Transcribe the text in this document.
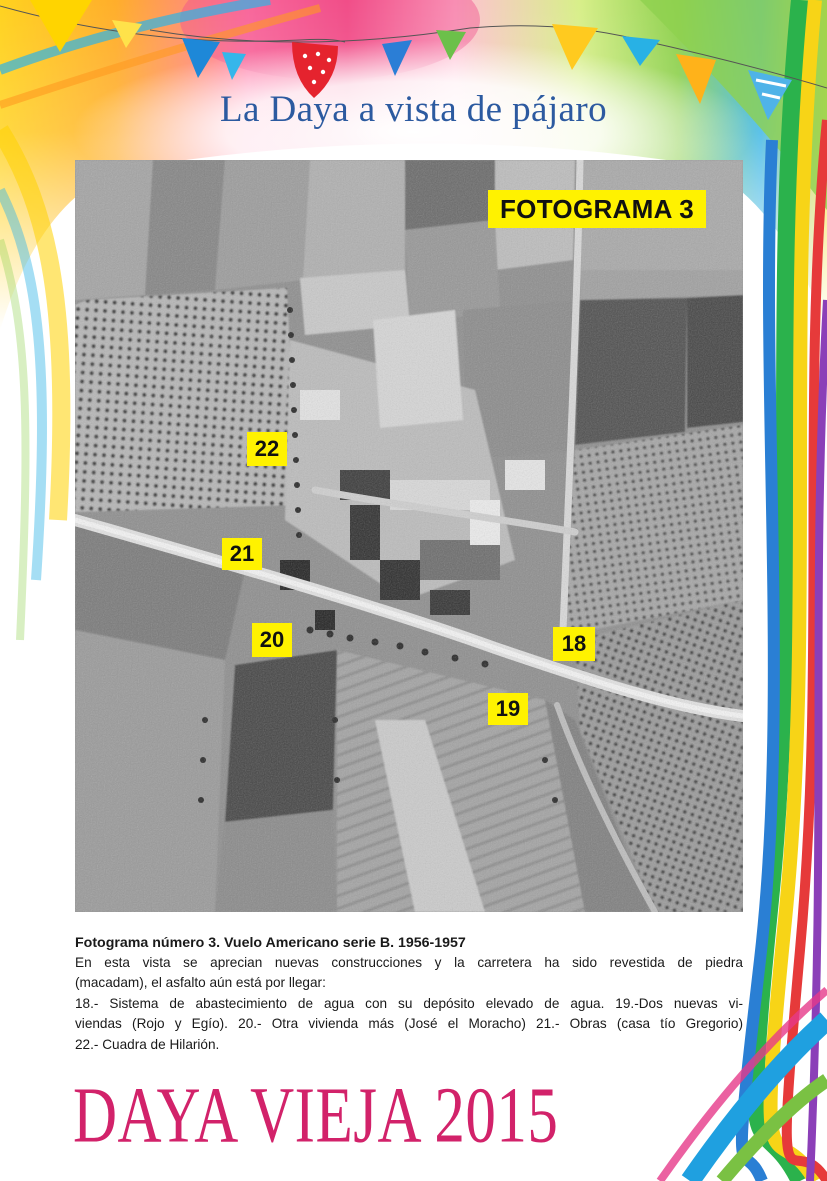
La Daya a vista de pájaro
FOTOGRAMA 3
22
21
20	18
19
Fotograma número 3. Vuelo Americano serie B. 1956-1957
En esta vista se aprecian nuevas construcciones y la carretera ha sido revestida de piedra
(macadam), el asfalto aún está por llegar:
18.- Sistema de abastecimiento de agua con su depósito elevado de agua. 19.-Dos nuevas vi-
viendas (Rojo y Egío). 20.- Otra vivienda más (José el Moracho) 21.- Obras (casa tío Gregorio)
22.- Cuadra de Hilarión.
DAYA VIEJA 2015
